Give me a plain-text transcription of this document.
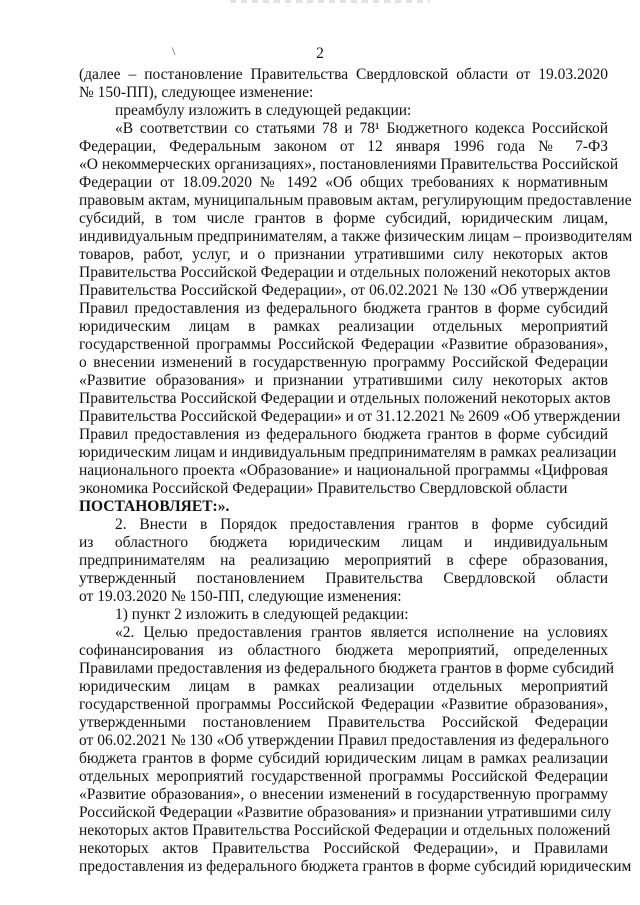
\	2
(далее – постановление Правительства Свердловской области от 19.03.2020
№ 150-ПП), следующее изменение:
преамбулу изложить в следующей редакции:
«В соответствии со статьями 78 и 78¹ Бюджетного кодекса Российской
Федерации, Федеральным законом от 12 января 1996 года № 7-ФЗ
«О некоммерческих организациях», постановлениями Правительства Российской
Федерации от 18.09.2020 № 1492 «Об общих требованиях к нормативным
правовым актам, муниципальным правовым актам, регулирующим предоставление
субсидий, в том числе грантов в форме субсидий, юридическим лицам,
индивидуальным предпринимателям, а также физическим лицам – производителям
товаров, работ, услуг, и о признании утратившими силу некоторых актов
Правительства Российской Федерации и отдельных положений некоторых актов
Правительства Российской Федерации», от 06.02.2021 № 130 «Об утверждении
Правил предоставления из федерального бюджета грантов в форме субсидий
юридическим лицам в рамках реализации отдельных мероприятий
государственной программы Российской Федерации «Развитие образования»,
о внесении изменений в государственную программу Российской Федерации
«Развитие образования» и признании утратившими силу некоторых актов
Правительства Российской Федерации и отдельных положений некоторых актов
Правительства Российской Федерации» и от 31.12.2021 № 2609 «Об утверждении
Правил предоставления из федерального бюджета грантов в форме субсидий
юридическим лицам и индивидуальным предпринимателям в рамках реализации
национального проекта «Образование» и национальной программы «Цифровая
экономика Российской Федерации» Правительство Свердловской области
ПОСТАНОВЛЯЕТ:».
2. Внести в Порядок предоставления грантов в форме субсидий
из областного бюджета юридическим лицам и индивидуальным
предпринимателям на реализацию мероприятий в сфере образования,
утвержденный постановлением Правительства Свердловской области
от 19.03.2020 № 150-ПП, следующие изменения:
1) пункт 2 изложить в следующей редакции:
«2. Целью предоставления грантов является исполнение на условиях
софинансирования из областного бюджета мероприятий, определенных
Правилами предоставления из федерального бюджета грантов в форме субсидий
юридическим лицам в рамках реализации отдельных мероприятий
государственной программы Российской Федерации «Развитие образования»,
утвержденными постановлением Правительства Российской Федерации
от 06.02.2021 № 130 «Об утверждении Правил предоставления из федерального
бюджета грантов в форме субсидий юридическим лицам в рамках реализации
отдельных мероприятий государственной программы Российской Федерации
«Развитие образования», о внесении изменений в государственную программу
Российской Федерации «Развитие образования» и признании утратившими силу
некоторых актов Правительства Российской Федерации и отдельных положений
некоторых актов Правительства Российской Федерации», и Правилами
предоставления из федерального бюджета грантов в форме субсидий юридическим
